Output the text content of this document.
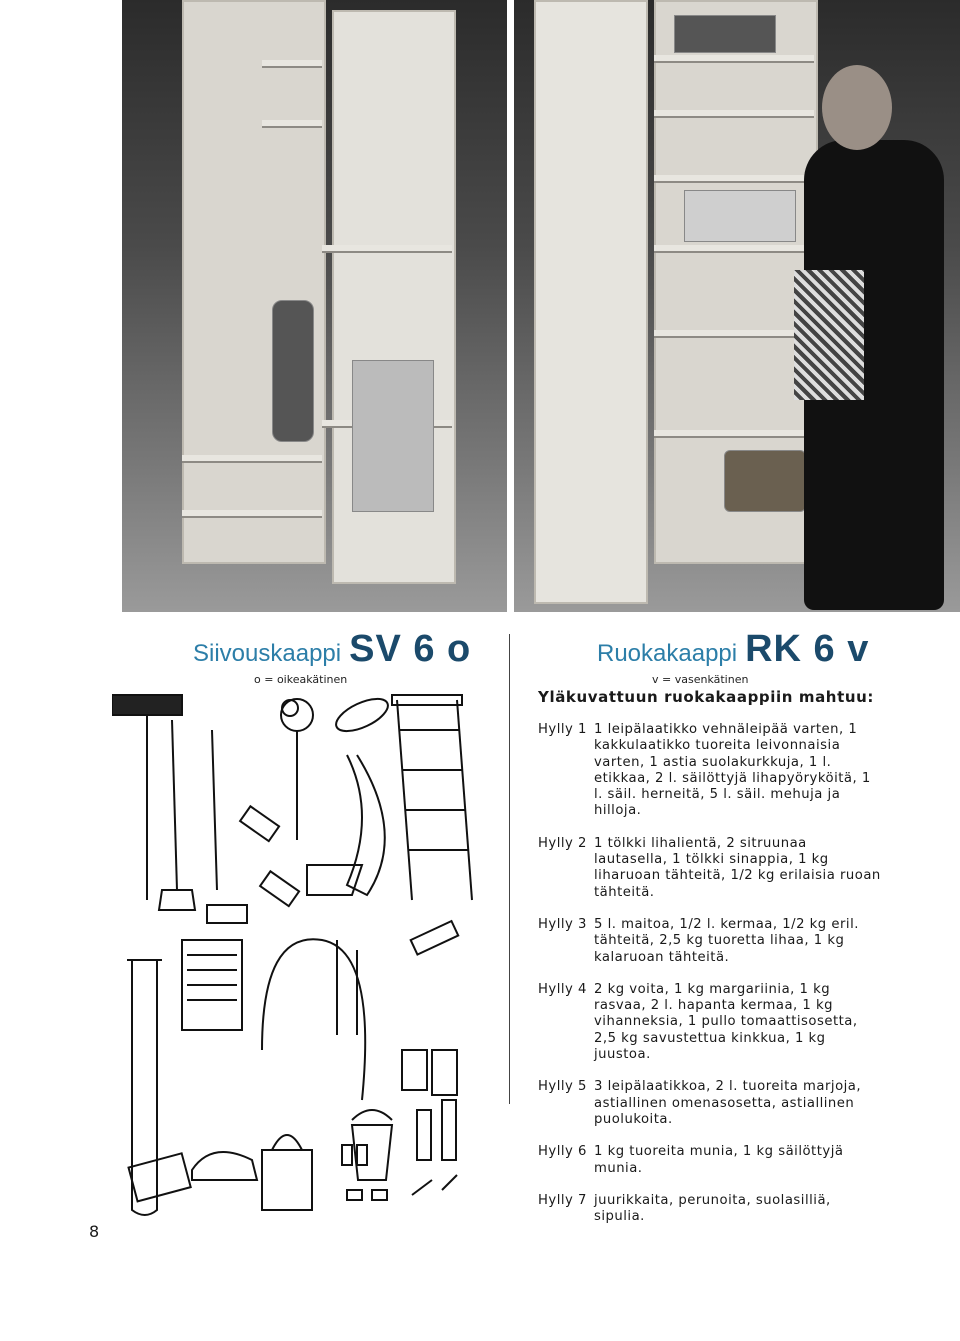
Siivouskaappi SV 6 o
o = oikeakätinen
Ruokakaappi RK 6 v
v = vasenkätinen
Yläkuvattuun ruokakaappiin mahtuu:
Hylly 1 1 leipälaatikko vehnäleipää varten, 1 kakkulaatikko tuoreita leivonnaisia varten, 1 astia suolakurkkuja, 1 l. etikkaa, 2 l. säilöttyjä lihapyöryköitä, 1 l. säil. herneitä, 5 l. säil. mehuja ja hilloja.
Hylly 2 1 tölkki lihalientä, 2 sitruunaa lautasella, 1 tölkki sinappia, 1 kg liharuoan tähteitä, 1/2 kg erilaisia ruoan tähteitä.
Hylly 3 5 l. maitoa, 1/2 l. kermaa, 1/2 kg eril. tähteitä, 2,5 kg tuoretta lihaa, 1 kg kalaruoan tähteitä.
Hylly 4 2 kg voita, 1 kg margariinia, 1 kg rasvaa, 2 l. hapanta kermaa, 1 kg vihanneksia, 1 pullo tomaattisosetta, 2,5 kg savustettua kinkkua, 1 kg juustoa.
Hylly 5 3 leipälaatikkoa, 2 l. tuoreita marjoja, astiallinen omenasosetta, astiallinen puolukoita.
Hylly 6 1 kg tuoreita munia, 1 kg säilöttyjä munia.
Hylly 7 juurikkaita, perunoita, suolasilliä, sipulia.
8
